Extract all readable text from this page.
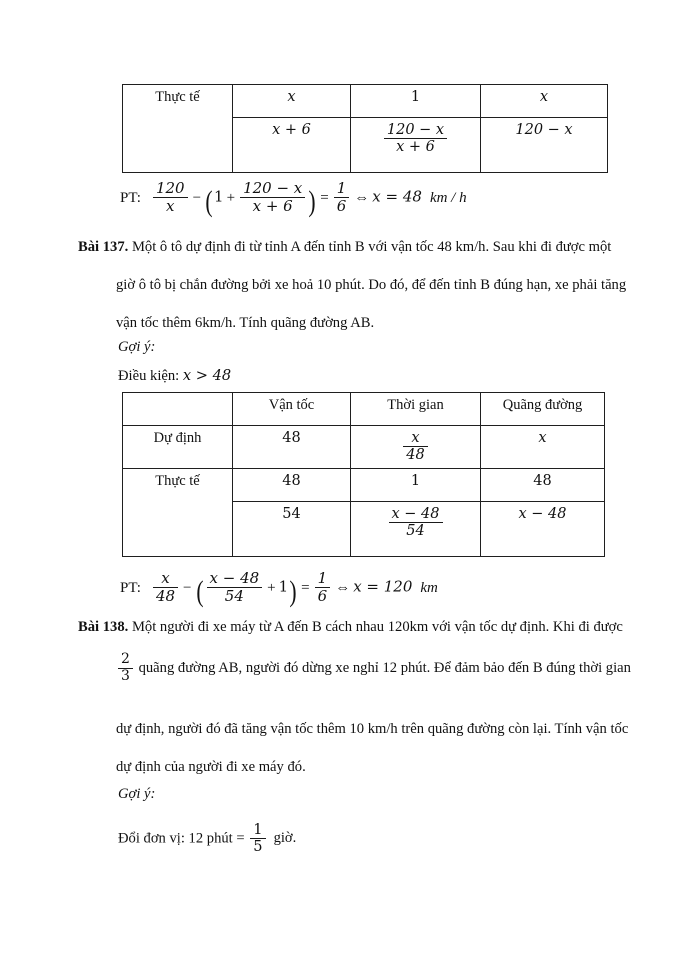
Thực tế	x	1	x
	x + 6	$\frac{120 - x}{x + 6}$	120 − x
PT: $\frac{120}{x} - (1 + \frac{120 - x}{x + 6}$ ) = $\frac{1}{6}$ ⇔ x = 48 km / h
Bài 137. Một ô tô dự định đi từ tỉnh A đến tỉnh B với vận tốc 48 km/h. Sau khi đi được một
giờ ô tô bị chắn đường bởi xe hoả 10 phút. Do đó, để đến tỉnh B đúng hạn, xe phải tăng
vận tốc thêm 6km/h. Tính quãng đường AB.
Gợi ý:
Điều kiện: x > 48
	Vận tốc	Thời gian	Quãng đường
Dự định	48	$\frac{x}{48}$	x
Thực tế	48	1	48
	54	$\frac{x - 48}{54}$	x − 48
PT: $\frac{x}{48}$ − ( $\frac{x - 48}{54} + 1) = \frac{1}{6}$ ⇔ x = 120 km
Bài 138. Một người đi xe máy từ A đến B cách nhau 120km với vận tốc dự định. Khi đi được
$\frac{2}{3}$ quãng đường AB, người đó dừng xe nghỉ 12 phút. Để đảm bảo đến B đúng thời gian
dự định, người đó đã tăng vận tốc thêm 10 km/h trên quãng đường còn lại. Tính vận tốc
dự định của người đi xe máy đó.
Gợi ý:
Đổi đơn vị: 12 phút = $\frac{1}{5}$ giờ.
